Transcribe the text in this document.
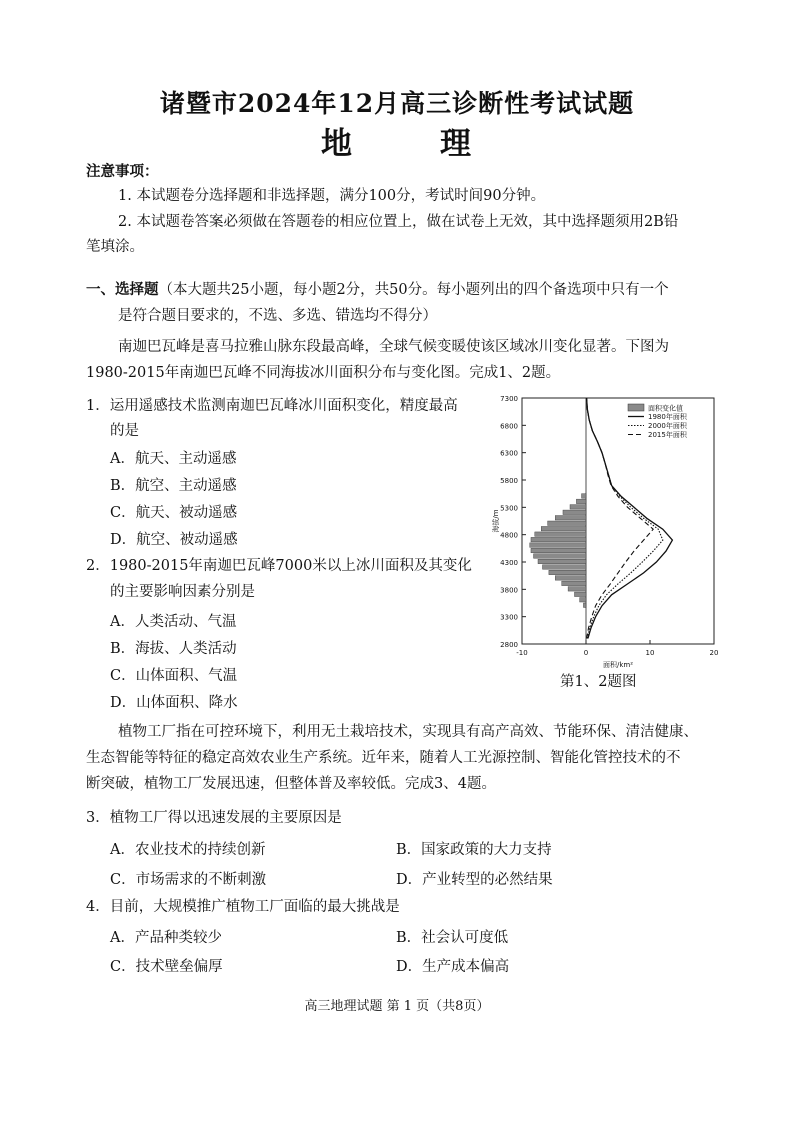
诸暨市2024年12月高三诊断性考试试题
地	理
注意事项：
1. 本试题卷分选择题和非选择题，满分100分，考试时间90分钟。
2. 本试题卷答案必须做在答题卷的相应位置上，做在试卷上无效，其中选择题须用2B铅
笔填涂。
一、选择题（本大题共25小题，每小题2分，共50分。每小题列出的四个备选项中只有一个
是符合题目要求的，不选、多选、错选均不得分）
南迦巴瓦峰是喜马拉雅山脉东段最高峰，全球气候变暖使该区域冰川变化显著。下图为
1980-2015年南迦巴瓦峰不同海拔冰川面积分布与变化图。完成1、2题。
1．运用遥感技术监测南迦巴瓦峰冰川面积变化，精度最高
的是
A．航天、主动遥感
B．航空、主动遥感
C．航天、被动遥感
D．航空、被动遥感
2．1980-2015年南迦巴瓦峰7000米以上冰川面积及其变化
的主要影响因素分别是
A．人类活动、气温
B．海拔、人类活动
C．山体面积、气温
D．山体面积、降水
2800
3300
3800
4300
4800
5300
5800
6300
6800
7300
-10	0	10	20
面积/km²
海拔/m
面积变化值
1980年面积
2000年面积
2015年面积
第1、2题图
植物工厂指在可控环境下，利用无土栽培技术，实现具有高产高效、节能环保、清洁健康、
生态智能等特征的稳定高效农业生产系统。近年来，随着人工光源控制、智能化管控技术的不
断突破，植物工厂发展迅速，但整体普及率较低。完成3、4题。
3．植物工厂得以迅速发展的主要原因是
A．农业技术的持续创新	B．国家政策的大力支持
C．市场需求的不断刺激	D．产业转型的必然结果
4．目前，大规模推广植物工厂面临的最大挑战是
A．产品种类较少	B．社会认可度低
C．技术壁垒偏厚	D．生产成本偏高
高三地理试题 第 1 页（共8页）
